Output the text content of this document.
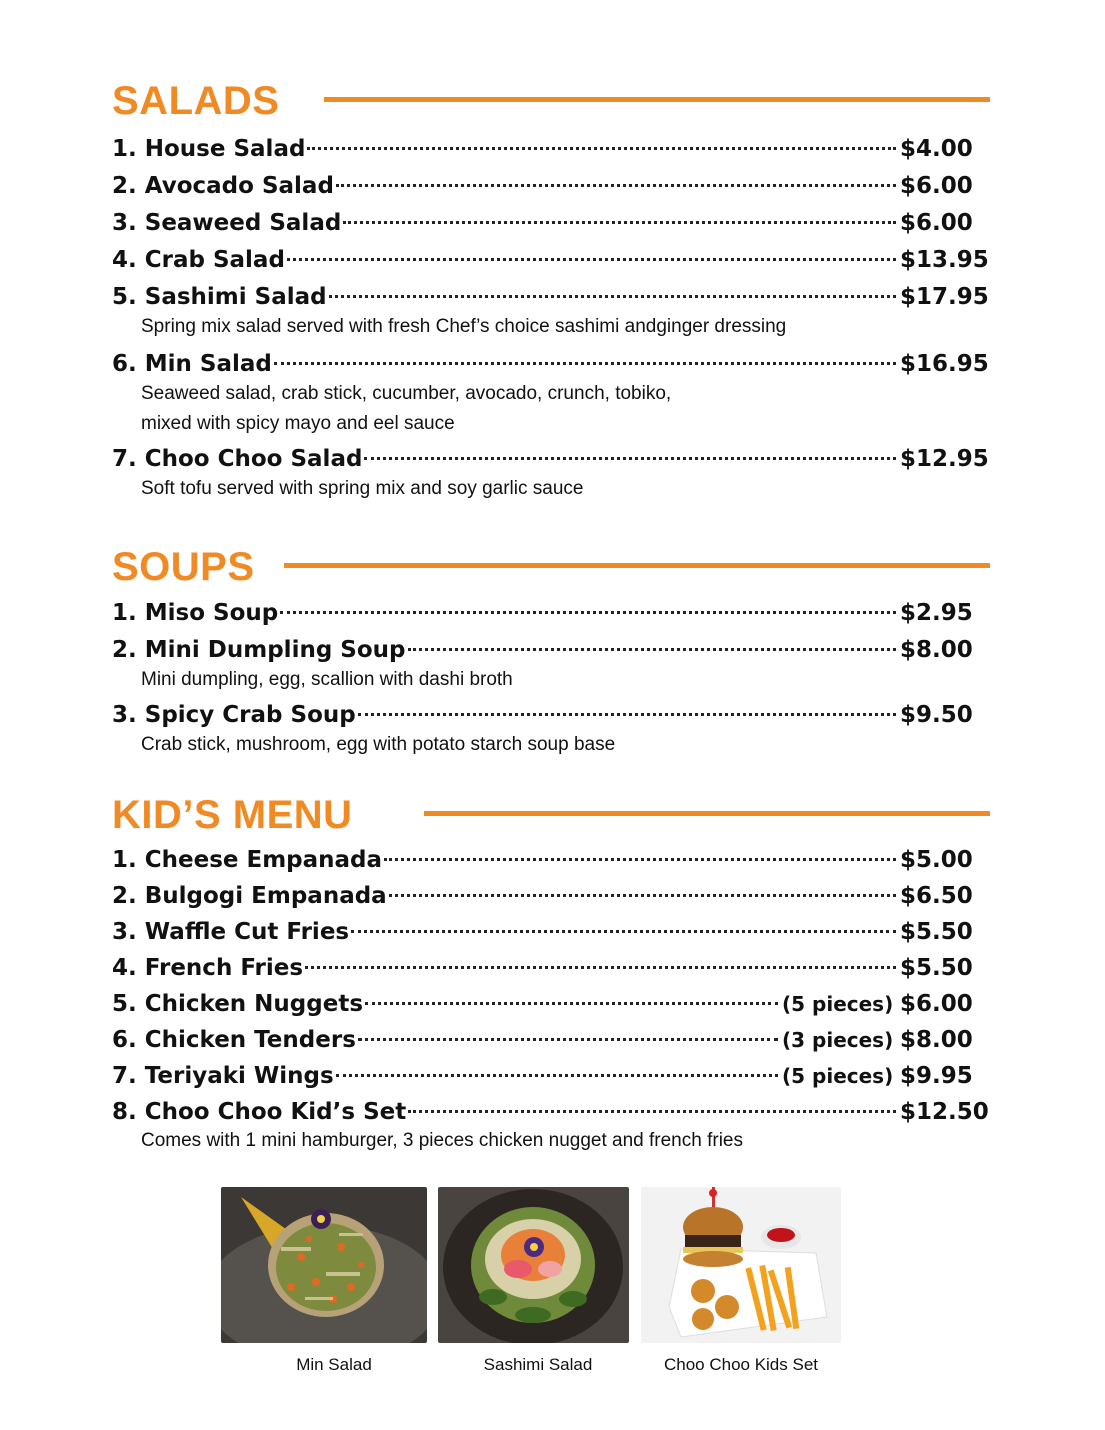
SALADS
1. House Salad	$4.00
2. Avocado Salad	$6.00
3. Seaweed Salad	$6.00
4. Crab Salad	$13.95
5. Sashimi Salad	$17.95
Spring mix salad served with fresh Chef’s choice sashimi andginger dressing
6. Min Salad	$16.95
Seaweed salad, crab stick, cucumber, avocado, crunch, tobiko,
mixed with spicy mayo and eel sauce
7. Choo Choo Salad	$12.95
Soft tofu served with spring mix and soy garlic sauce
SOUPS
1. Miso Soup	$2.95
2. Mini Dumpling Soup	$8.00
Mini dumpling, egg, scallion with dashi broth
3. Spicy Crab Soup	$9.50
Crab stick, mushroom, egg with potato starch soup base
KID’S MENU
1. Cheese Empanada	$5.00
2. Bulgogi Empanada	$6.50
3. Waffle Cut Fries	$5.50
4. French Fries	$5.50
5. Chicken Nuggets	(5 pieces) $6.00
6. Chicken Tenders	(3 pieces) $8.00
7. Teriyaki Wings	(5 pieces) $9.95
8. Choo Choo Kid’s Set	$12.50
Comes with 1 mini hamburger, 3 pieces chicken nugget and french fries
Min Salad	Sashimi Salad	Choo Choo Kids Set
